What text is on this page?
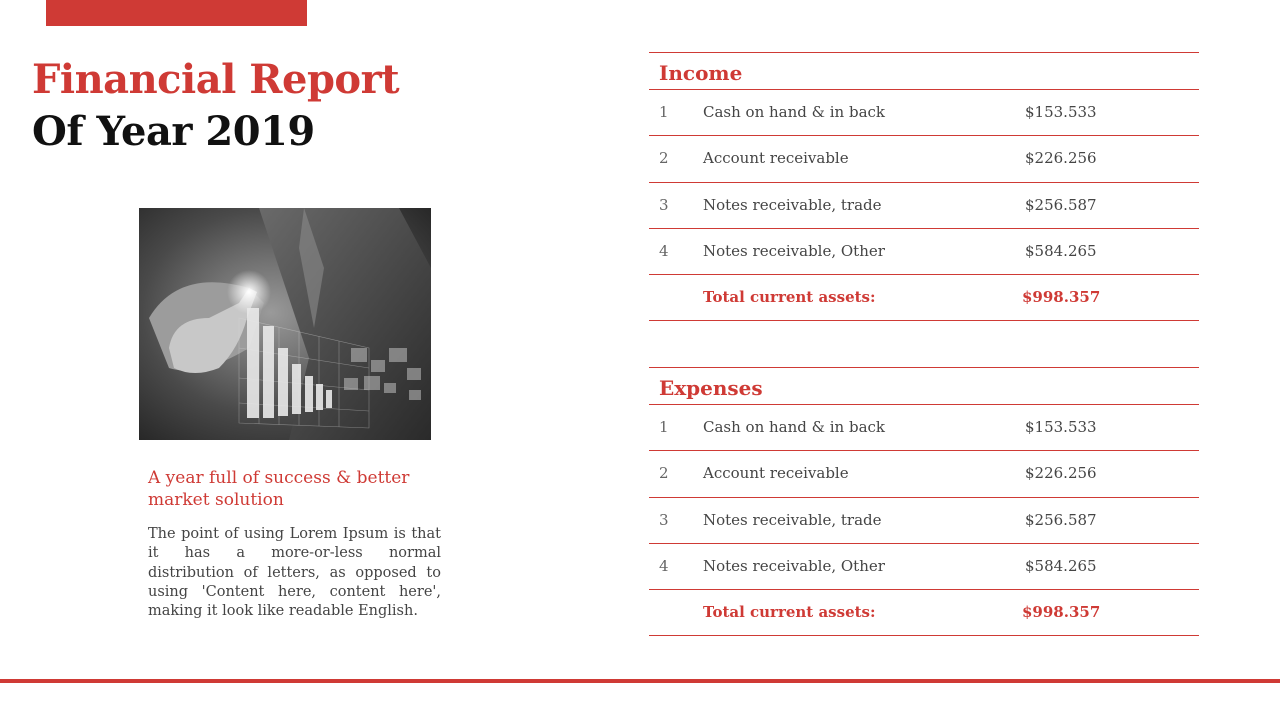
Financial Report
Of Year 2019
A year full of success & better market solution

The point of using Lorem Ipsum is that it has a more-or-less normal distribution of letters, as opposed to using 'Content here, content here', making it look like readable English.

Income
1 Cash on hand & in back	$153.533
2 Account receivable	$226.256
3 Notes receivable, trade	$256.587
4 Notes receivable, Other	$584.265
Total current assets:	$998.357
Expenses
1 Cash on hand & in back	$153.533
2 Account receivable	$226.256
3 Notes receivable, trade	$256.587
4 Notes receivable, Other	$584.265
Total current assets:	$998.357
